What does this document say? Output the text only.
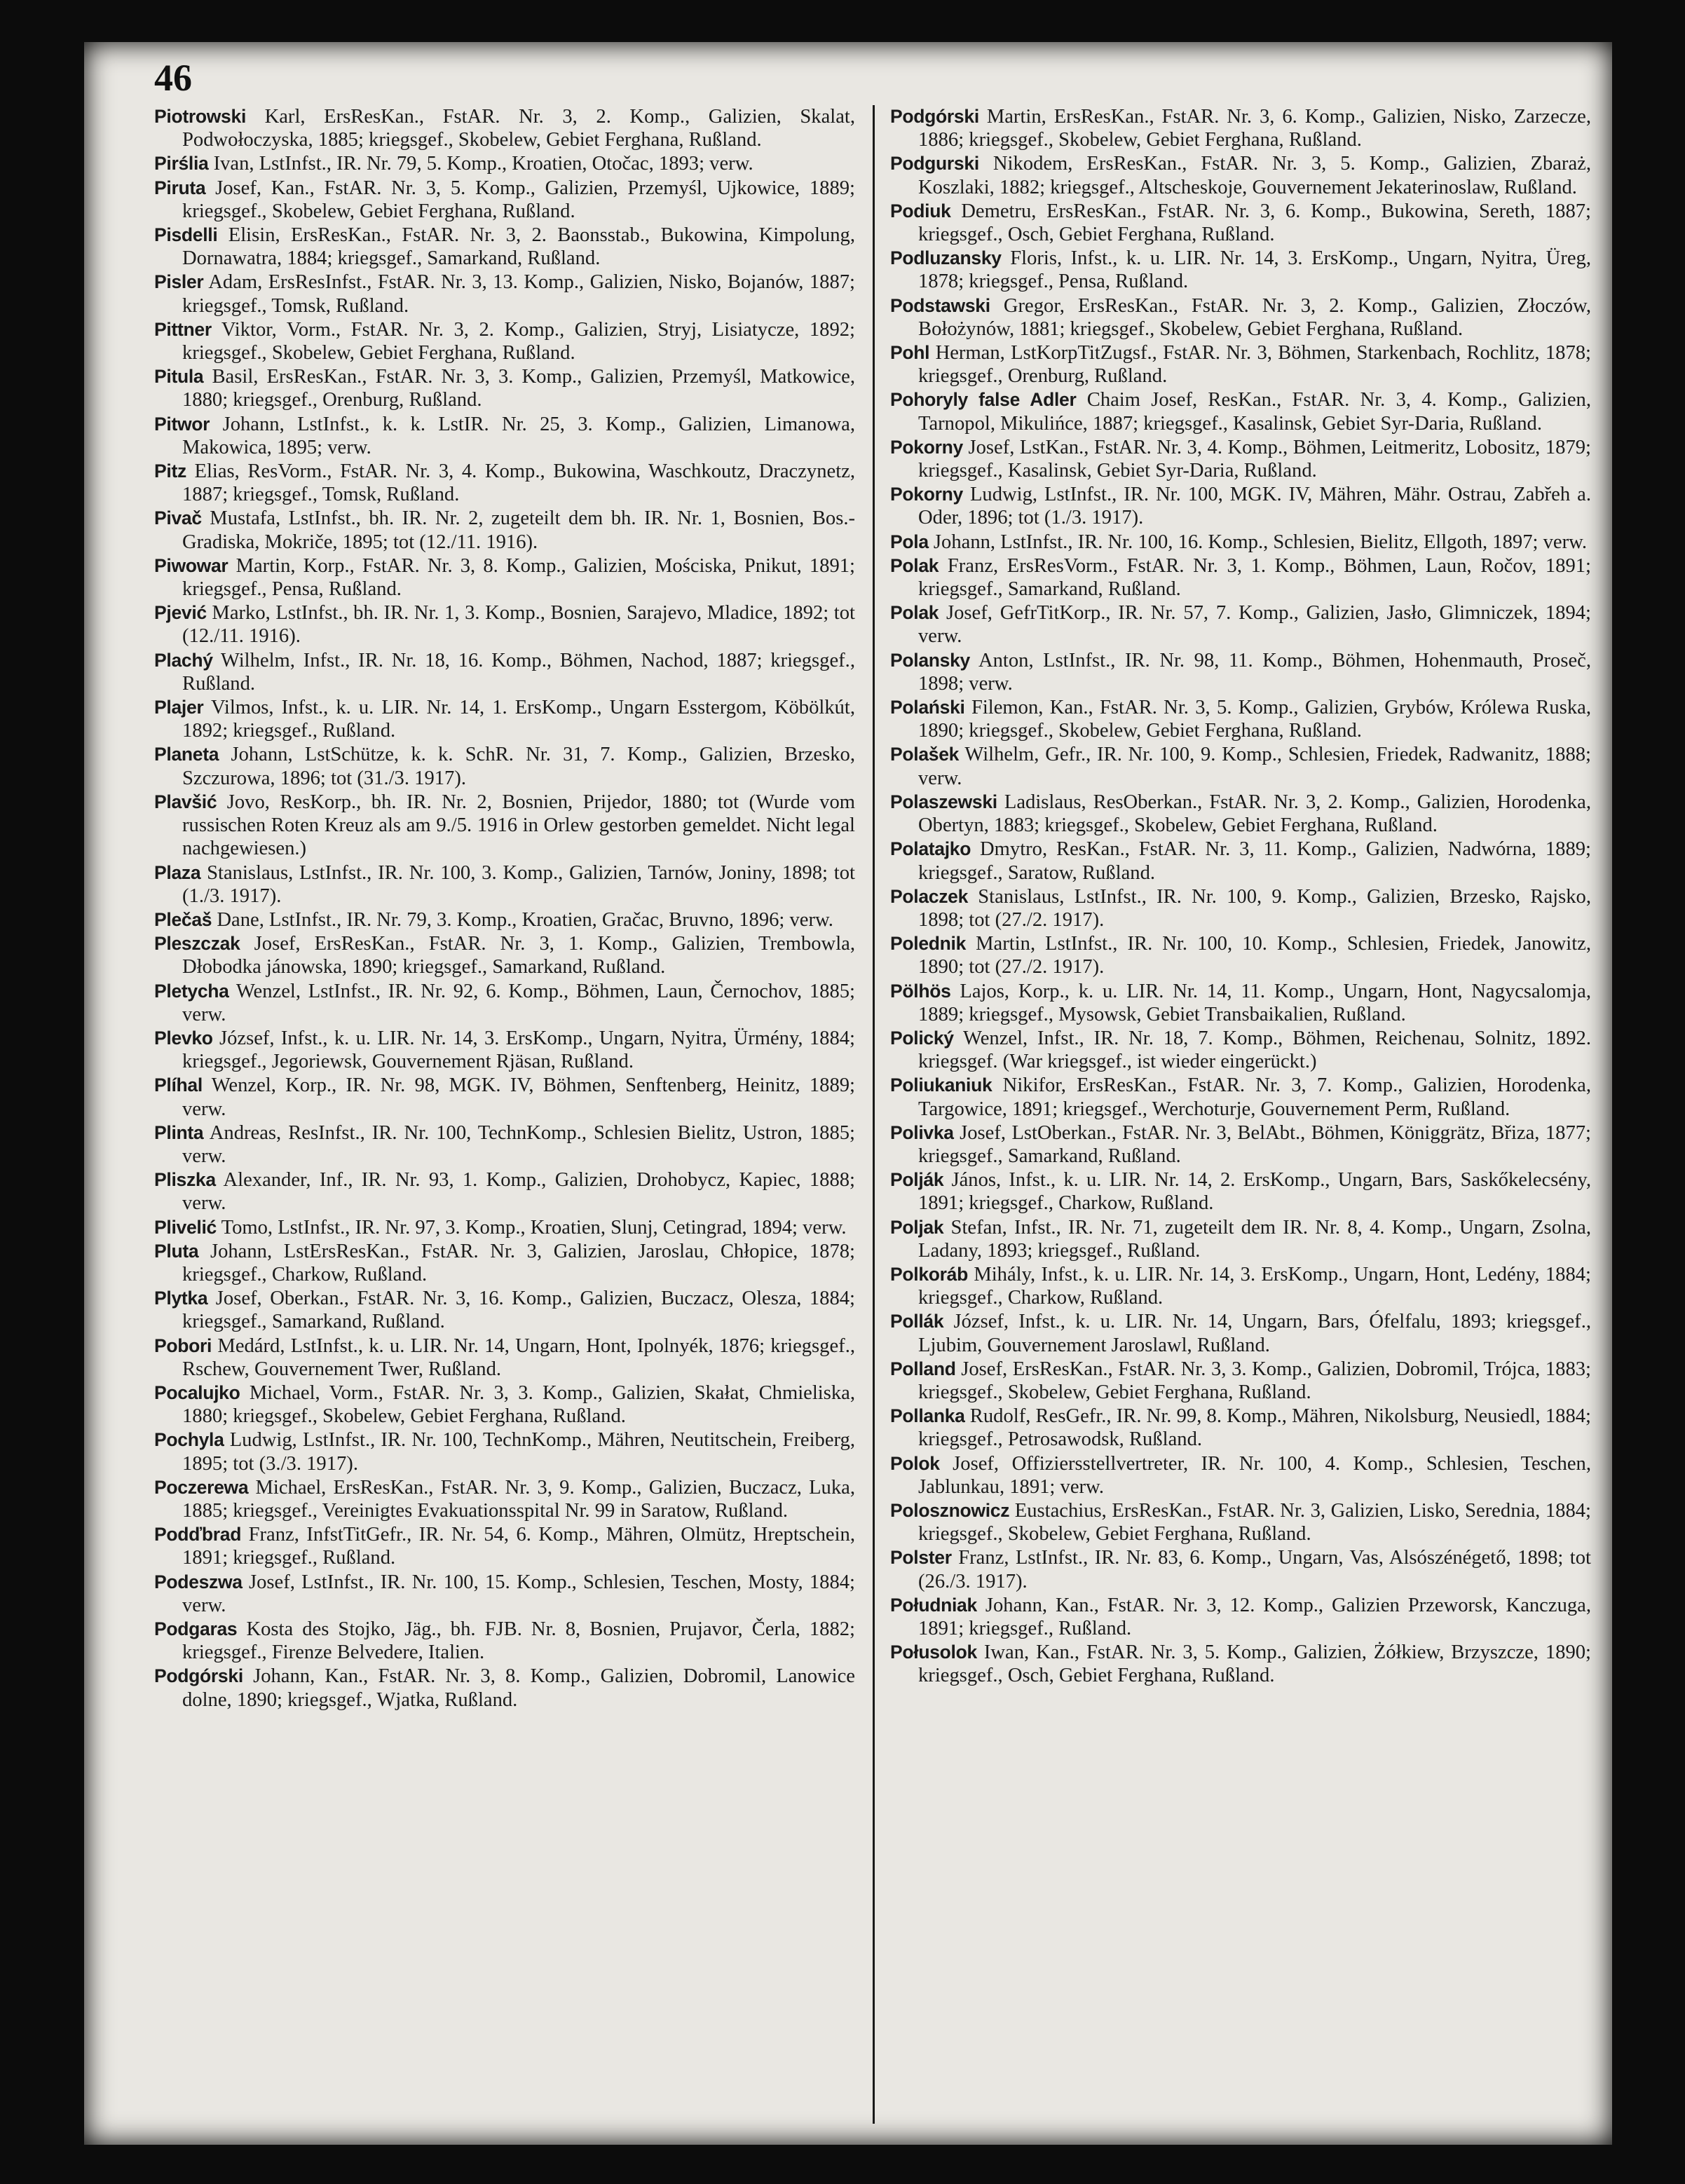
46

Piotrowski Karl, ErsResKan., FstAR. Nr. 3, 2. Komp., Galizien, Skalat, Podwołoczyska, 1885; kriegsgef., Skobelew, Gebiet Ferghana, Rußland.

Pirślia Ivan, LstInfst., IR. Nr. 79, 5. Komp., Kroatien, Otočac, 1893; verw.

Piruta Josef, Kan., FstAR. Nr. 3, 5. Komp., Galizien, Przemyśl, Ujkowice, 1889; kriegsgef., Skobelew, Gebiet Ferghana, Rußland.

Pisdelli Elisin, ErsResKan., FstAR. Nr. 3, 2. Baonsstab., Bukowina, Kimpolung, Dornawatra, 1884; kriegsgef., Samarkand, Rußland.

Pisler Adam, ErsResInfst., FstAR. Nr. 3, 13. Komp., Galizien, Nisko, Bojanów, 1887; kriegsgef., Tomsk, Rußland.

Pittner Viktor, Vorm., FstAR. Nr. 3, 2. Komp., Galizien, Stryj, Lisiatycze, 1892; kriegsgef., Skobelew, Gebiet Ferghana, Rußland.

Pitula Basil, ErsResKan., FstAR. Nr. 3, 3. Komp., Galizien, Przemyśl, Matkowice, 1880; kriegsgef., Orenburg, Rußland.

Pitwor Johann, LstInfst., k. k. LstIR. Nr. 25, 3. Komp., Galizien, Limanowa, Makowica, 1895; verw.

Pitz Elias, ResVorm., FstAR. Nr. 3, 4. Komp., Bukowina, Waschkoutz, Draczynetz, 1887; kriegsgef., Tomsk, Rußland.

Pivač Mustafa, LstInfst., bh. IR. Nr. 2, zugeteilt dem bh. IR. Nr. 1, Bosnien, Bos.-Gradiska, Mokriče, 1895; tot (12./11. 1916).

Piwowar Martin, Korp., FstAR. Nr. 3, 8. Komp., Galizien, Mościska, Pnikut, 1891; kriegsgef., Pensa, Rußland.

Pjević Marko, LstInfst., bh. IR. Nr. 1, 3. Komp., Bosnien, Sarajevo, Mladice, 1892; tot (12./11. 1916).

Plachý Wilhelm, Infst., IR. Nr. 18, 16. Komp., Böhmen, Nachod, 1887; kriegsgef., Rußland.

Plajer Vilmos, Infst., k. u. LIR. Nr. 14, 1. ErsKomp., Ungarn Esstergom, Köbölkút, 1892; kriegsgef., Rußland.

Planeta Johann, LstSchütze, k. k. SchR. Nr. 31, 7. Komp., Galizien, Brzesko, Szczurowa, 1896; tot (31./3. 1917).

Plavšić Jovo, ResKorp., bh. IR. Nr. 2, Bosnien, Prijedor, 1880; tot (Wurde vom russischen Roten Kreuz als am 9./5. 1916 in Orlew gestorben gemeldet. Nicht legal nachgewiesen.)

Plaza Stanislaus, LstInfst., IR. Nr. 100, 3. Komp., Galizien, Tarnów, Joniny, 1898; tot (1./3. 1917).

Plečaš Dane, LstInfst., IR. Nr. 79, 3. Komp., Kroatien, Gračac, Bruvno, 1896; verw.

Pleszczak Josef, ErsResKan., FstAR. Nr. 3, 1. Komp., Galizien, Trembowla, Dłobodka jánowska, 1890; kriegsgef., Samarkand, Rußland.

Pletycha Wenzel, LstInfst., IR. Nr. 92, 6. Komp., Böhmen, Laun, Černochov, 1885; verw.

Plevko József, Infst., k. u. LIR. Nr. 14, 3. ErsKomp., Ungarn, Nyitra, Ürmény, 1884; kriegsgef., Jegoriewsk, Gouvernement Rjäsan, Rußland.

Plíhal Wenzel, Korp., IR. Nr. 98, MGK. IV, Böhmen, Senftenberg, Heinitz, 1889; verw.

Plinta Andreas, ResInfst., IR. Nr. 100, TechnKomp., Schlesien Bielitz, Ustron, 1885; verw.

Pliszka Alexander, Inf., IR. Nr. 93, 1. Komp., Galizien, Drohobycz, Kapiec, 1888; verw.

Plivelić Tomo, LstInfst., IR. Nr. 97, 3. Komp., Kroatien, Slunj, Cetingrad, 1894; verw.

Pluta Johann, LstErsResKan., FstAR. Nr. 3, Galizien, Jaroslau, Chłopice, 1878; kriegsgef., Charkow, Rußland.

Plytka Josef, Oberkan., FstAR. Nr. 3, 16. Komp., Galizien, Buczacz, Olesza, 1884; kriegsgef., Samarkand, Rußland.

Pobori Medárd, LstInfst., k. u. LIR. Nr. 14, Ungarn, Hont, Ipolnyék, 1876; kriegsgef., Rschew, Gouvernement Twer, Rußland.

Pocalujko Michael, Vorm., FstAR. Nr. 3, 3. Komp., Galizien, Skałat, Chmieliska, 1880; kriegsgef., Skobelew, Gebiet Ferghana, Rußland.

Pochyla Ludwig, LstInfst., IR. Nr. 100, TechnKomp., Mähren, Neutitschein, Freiberg, 1895; tot (3./3. 1917).

Poczerewa Michael, ErsResKan., FstAR. Nr. 3, 9. Komp., Galizien, Buczacz, Luka, 1885; kriegsgef., Vereinigtes Evakuationsspital Nr. 99 in Saratow, Rußland.

Podďbrad Franz, InfstTitGefr., IR. Nr. 54, 6. Komp., Mähren, Olmütz, Hreptschein, 1891; kriegsgef., Rußland.

Podeszwa Josef, LstInfst., IR. Nr. 100, 15. Komp., Schlesien, Teschen, Mosty, 1884; verw.

Podgaras Kosta des Stojko, Jäg., bh. FJB. Nr. 8, Bosnien, Prujavor, Čerla, 1882; kriegsgef., Firenze Belvedere, Italien.

Podgórski Johann, Kan., FstAR. Nr. 3, 8. Komp., Galizien, Dobromil, Lanowice dolne, 1890; kriegsgef., Wjatka, Rußland.

Podgórski Martin, ErsResKan., FstAR. Nr. 3, 6. Komp., Galizien, Nisko, Zarzecze, 1886; kriegsgef., Skobelew, Gebiet Ferghana, Rußland.

Podgurski Nikodem, ErsResKan., FstAR. Nr. 3, 5. Komp., Galizien, Zbaraż, Koszlaki, 1882; kriegsgef., Altscheskoje, Gouvernement Jekaterinoslaw, Rußland.

Podiuk Demetru, ErsResKan., FstAR. Nr. 3, 6. Komp., Bukowina, Sereth, 1887; kriegsgef., Osch, Gebiet Ferghana, Rußland.

Podluzansky Floris, Infst., k. u. LIR. Nr. 14, 3. ErsKomp., Ungarn, Nyitra, Üreg, 1878; kriegsgef., Pensa, Rußland.

Podstawski Gregor, ErsResKan., FstAR. Nr. 3, 2. Komp., Galizien, Złoczów, Bołożynów, 1881; kriegsgef., Skobelew, Gebiet Ferghana, Rußland.

Pohl Herman, LstKorpTitZugsf., FstAR. Nr. 3, Böhmen, Starkenbach, Rochlitz, 1878; kriegsgef., Orenburg, Rußland.

Pohoryly false Adler Chaim Josef, ResKan., FstAR. Nr. 3, 4. Komp., Galizien, Tarnopol, Mikulińce, 1887; kriegsgef., Kasalinsk, Gebiet Syr-Daria, Rußland.

Pokorny Josef, LstKan., FstAR. Nr. 3, 4. Komp., Böhmen, Leitmeritz, Lobositz, 1879; kriegsgef., Kasalinsk, Gebiet Syr-Daria, Rußland.

Pokorny Ludwig, LstInfst., IR. Nr. 100, MGK. IV, Mähren, Mähr. Ostrau, Zabřeh a. Oder, 1896; tot (1./3. 1917).

Pola Johann, LstInfst., IR. Nr. 100, 16. Komp., Schlesien, Bielitz, Ellgoth, 1897; verw.

Polak Franz, ErsResVorm., FstAR. Nr. 3, 1. Komp., Böhmen, Laun, Ročov, 1891; kriegsgef., Samarkand, Rußland.

Polak Josef, GefrTitKorp., IR. Nr. 57, 7. Komp., Galizien, Jasło, Glimniczek, 1894; verw.

Polansky Anton, LstInfst., IR. Nr. 98, 11. Komp., Böhmen, Hohenmauth, Proseč, 1898; verw.

Polański Filemon, Kan., FstAR. Nr. 3, 5. Komp., Galizien, Grybów, Królewa Ruska, 1890; kriegsgef., Skobelew, Gebiet Ferghana, Rußland.

Polašek Wilhelm, Gefr., IR. Nr. 100, 9. Komp., Schlesien, Friedek, Radwanitz, 1888; verw.

Polaszewski Ladislaus, ResOberkan., FstAR. Nr. 3, 2. Komp., Galizien, Horodenka, Obertyn, 1883; kriegsgef., Skobelew, Gebiet Ferghana, Rußland.

Polatajko Dmytro, ResKan., FstAR. Nr. 3, 11. Komp., Galizien, Nadwórna, 1889; kriegsgef., Saratow, Rußland.

Polaczek Stanislaus, LstInfst., IR. Nr. 100, 9. Komp., Galizien, Brzesko, Rajsko, 1898; tot (27./2. 1917).

Polednik Martin, LstInfst., IR. Nr. 100, 10. Komp., Schlesien, Friedek, Janowitz, 1890; tot (27./2. 1917).

Pölhös Lajos, Korp., k. u. LIR. Nr. 14, 11. Komp., Ungarn, Hont, Nagycsalomja, 1889; kriegsgef., Mysowsk, Gebiet Transbaikalien, Rußland.

Polický Wenzel, Infst., IR. Nr. 18, 7. Komp., Böhmen, Reichenau, Solnitz, 1892. kriegsgef. (War kriegsgef., ist wieder eingerückt.)

Poliukaniuk Nikifor, ErsResKan., FstAR. Nr. 3, 7. Komp., Galizien, Horodenka, Targowice, 1891; kriegsgef., Werchoturje, Gouvernement Perm, Rußland.

Polivka Josef, LstOberkan., FstAR. Nr. 3, BelAbt., Böhmen, Königgrätz, Břiza, 1877; kriegsgef., Samarkand, Rußland.

Polják János, Infst., k. u. LIR. Nr. 14, 2. ErsKomp., Ungarn, Bars, Saskőkelecsény, 1891; kriegsgef., Charkow, Rußland.

Poljak Stefan, Infst., IR. Nr. 71, zugeteilt dem IR. Nr. 8, 4. Komp., Ungarn, Zsolna, Ladany, 1893; kriegsgef., Rußland.

Polkoráb Mihály, Infst., k. u. LIR. Nr. 14, 3. ErsKomp., Ungarn, Hont, Ledény, 1884; kriegsgef., Charkow, Rußland.

Pollák József, Infst., k. u. LIR. Nr. 14, Ungarn, Bars, Ófelfalu, 1893; kriegsgef., Ljubim, Gouvernement Jaroslawl, Rußland.

Polland Josef, ErsResKan., FstAR. Nr. 3, 3. Komp., Galizien, Dobromil, Trójca, 1883; kriegsgef., Skobelew, Gebiet Ferghana, Rußland.

Pollanka Rudolf, ResGefr., IR. Nr. 99, 8. Komp., Mähren, Nikolsburg, Neusiedl, 1884; kriegsgef., Petrosawodsk, Rußland.

Polok Josef, Offiziersstellvertreter, IR. Nr. 100, 4. Komp., Schlesien, Teschen, Jablunkau, 1891; verw.

Polosznowicz Eustachius, ErsResKan., FstAR. Nr. 3, Galizien, Lisko, Serednia, 1884; kriegsgef., Skobelew, Gebiet Ferghana, Rußland.

Polster Franz, LstInfst., IR. Nr. 83, 6. Komp., Ungarn, Vas, Alsószénégető, 1898; tot (26./3. 1917).

Południak Johann, Kan., FstAR. Nr. 3, 12. Komp., Galizien Przeworsk, Kanczuga, 1891; kriegsgef., Rußland.

Połusolok Iwan, Kan., FstAR. Nr. 3, 5. Komp., Galizien, Żółkiew, Brzyszcze, 1890; kriegsgef., Osch, Gebiet Ferghana, Rußland.
